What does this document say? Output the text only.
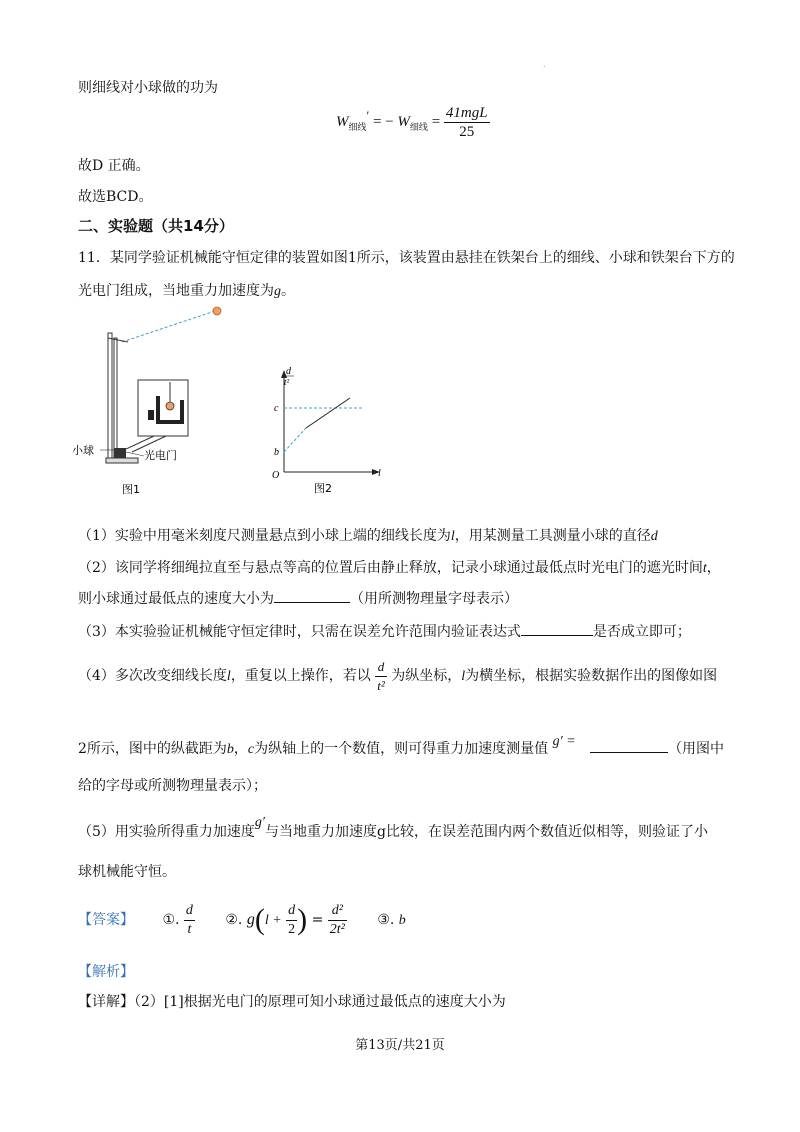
.
则细线对小球做的功为
$W_{细线}'$ = − $W_{细线} = \frac{\text{41mgL}}{25}$
故D 正确。
故选BCD。
二、实验题（共14分）
11．某同学验证机械能守恒定律的装置如图1所示，该装置由悬挂在铁架台上的细线、小球和铁架台下方的
光电门组成，当地重力加速度为g。
小球	光电门
图1
d
t²
c
b
O	l
图2
（1）实验中用毫米刻度尺测量悬点到小球上端的细线长度为l，用某测量工具测量小球的直径d
（2）该同学将细绳拉直至与悬点等高的位置后由静止释放，记录小球通过最低点时光电门的遮光时间t，
则小球通过最低点的速度大小为	（用所测物理量字母表示）
（3）本实验验证机械能守恒定律时，只需在误差允许范围内验证表达式	是否成立即可；
（4）多次改变细线长度l，重复以上操作，若以 $\frac{d}{\text{t²}}$ 为纵坐标，l为横坐标，根据实验数据作出的图像如图
2所示，图中的纵截距为b，c为纵轴上的一个数值，则可得重力加速度测量值 g′ =	（用图中
给的字母或所测物理量表示）；
（5）用实验所得重力加速度g′与当地重力加速度g比较，在误差范围内两个数值近似相等，则验证了小
球机械能守恒。
【答案】 ①. $\frac{d}{t}$ ②. $g(l + \frac{d}{2}$ ) = $\frac{\text{d²}}{\text{2t²}}$ ③. b
【解析】
【详解】（2）[1]根据光电门的原理可知小球通过最低点的速度大小为
第13页/共21页
